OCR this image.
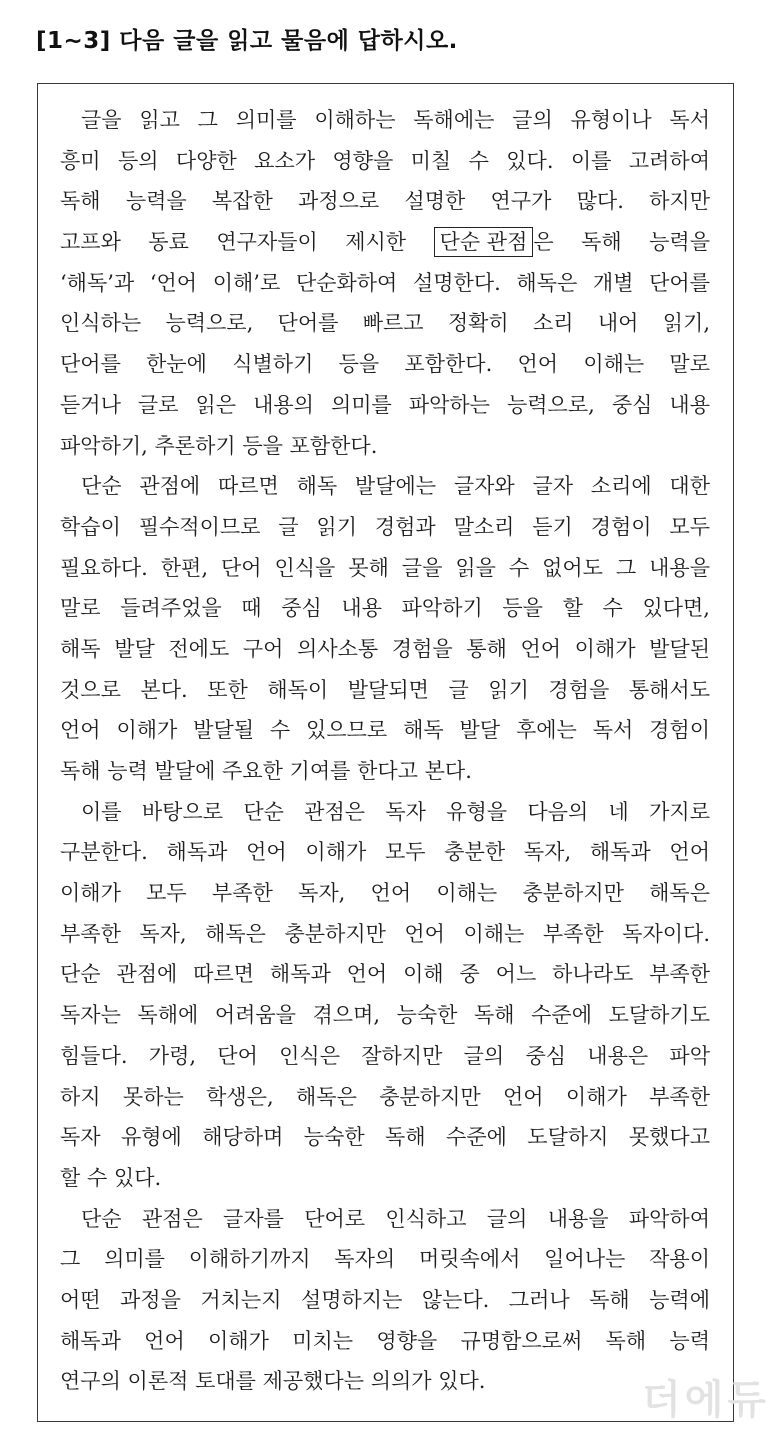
[1~3] 다음 글을 읽고 물음에 답하시오.
글을 읽고 그 의미를 이해하는 독해에는 글의 유형이나 독서
흥미 등의 다양한 요소가 영향을 미칠 수 있다. 이를 고려하여
독해 능력을 복잡한 과정으로 설명한 연구가 많다. 하지만
고프와 동료 연구자들이 제시한 단순 관점 은 독해 능력을
‘해독’과 ‘언어 이해’로 단순화하여 설명한다. 해독은 개별 단어를
인식하는 능력으로, 단어를 빠르고 정확히 소리 내어 읽기,
단어를 한눈에 식별하기 등을 포함한다. 언어 이해는 말로
듣거나 글로 읽은 내용의 의미를 파악하는 능력으로, 중심 내용
파악하기, 추론하기 등을 포함한다.
단순 관점에 따르면 해독 발달에는 글자와 글자 소리에 대한
학습이 필수적이므로 글 읽기 경험과 말소리 듣기 경험이 모두
필요하다. 한편, 단어 인식을 못해 글을 읽을 수 없어도 그 내용을
말로 들려주었을 때 중심 내용 파악하기 등을 할 수 있다면,
해독 발달 전에도 구어 의사소통 경험을 통해 언어 이해가 발달된
것으로 본다. 또한 해독이 발달되면 글 읽기 경험을 통해서도
언어 이해가 발달될 수 있으므로 해독 발달 후에는 독서 경험이
독해 능력 발달에 주요한 기여를 한다고 본다.
이를 바탕으로 단순 관점은 독자 유형을 다음의 네 가지로
구분한다. 해독과 언어 이해가 모두 충분한 독자, 해독과 언어
이해가 모두 부족한 독자, 언어 이해는 충분하지만 해독은
부족한 독자, 해독은 충분하지만 언어 이해는 부족한 독자이다.
단순 관점에 따르면 해독과 언어 이해 중 어느 하나라도 부족한
독자는 독해에 어려움을 겪으며, 능숙한 독해 수준에 도달하기도
힘들다. 가령, 단어 인식은 잘하지만 글의 중심 내용은 파악
하지 못하는 학생은, 해독은 충분하지만 언어 이해가 부족한
독자 유형에 해당하며 능숙한 독해 수준에 도달하지 못했다고
할 수 있다.
단순 관점은 글자를 단어로 인식하고 글의 내용을 파악하여
그 의미를 이해하기까지 독자의 머릿속에서 일어나는 작용이
어떤 과정을 거치는지 설명하지는 않는다. 그러나 독해 능력에
해독과 언어 이해가 미치는 영향을 규명함으로써 독해 능력
연구의 이론적 토대를 제공했다는 의의가 있다.	더에듀
